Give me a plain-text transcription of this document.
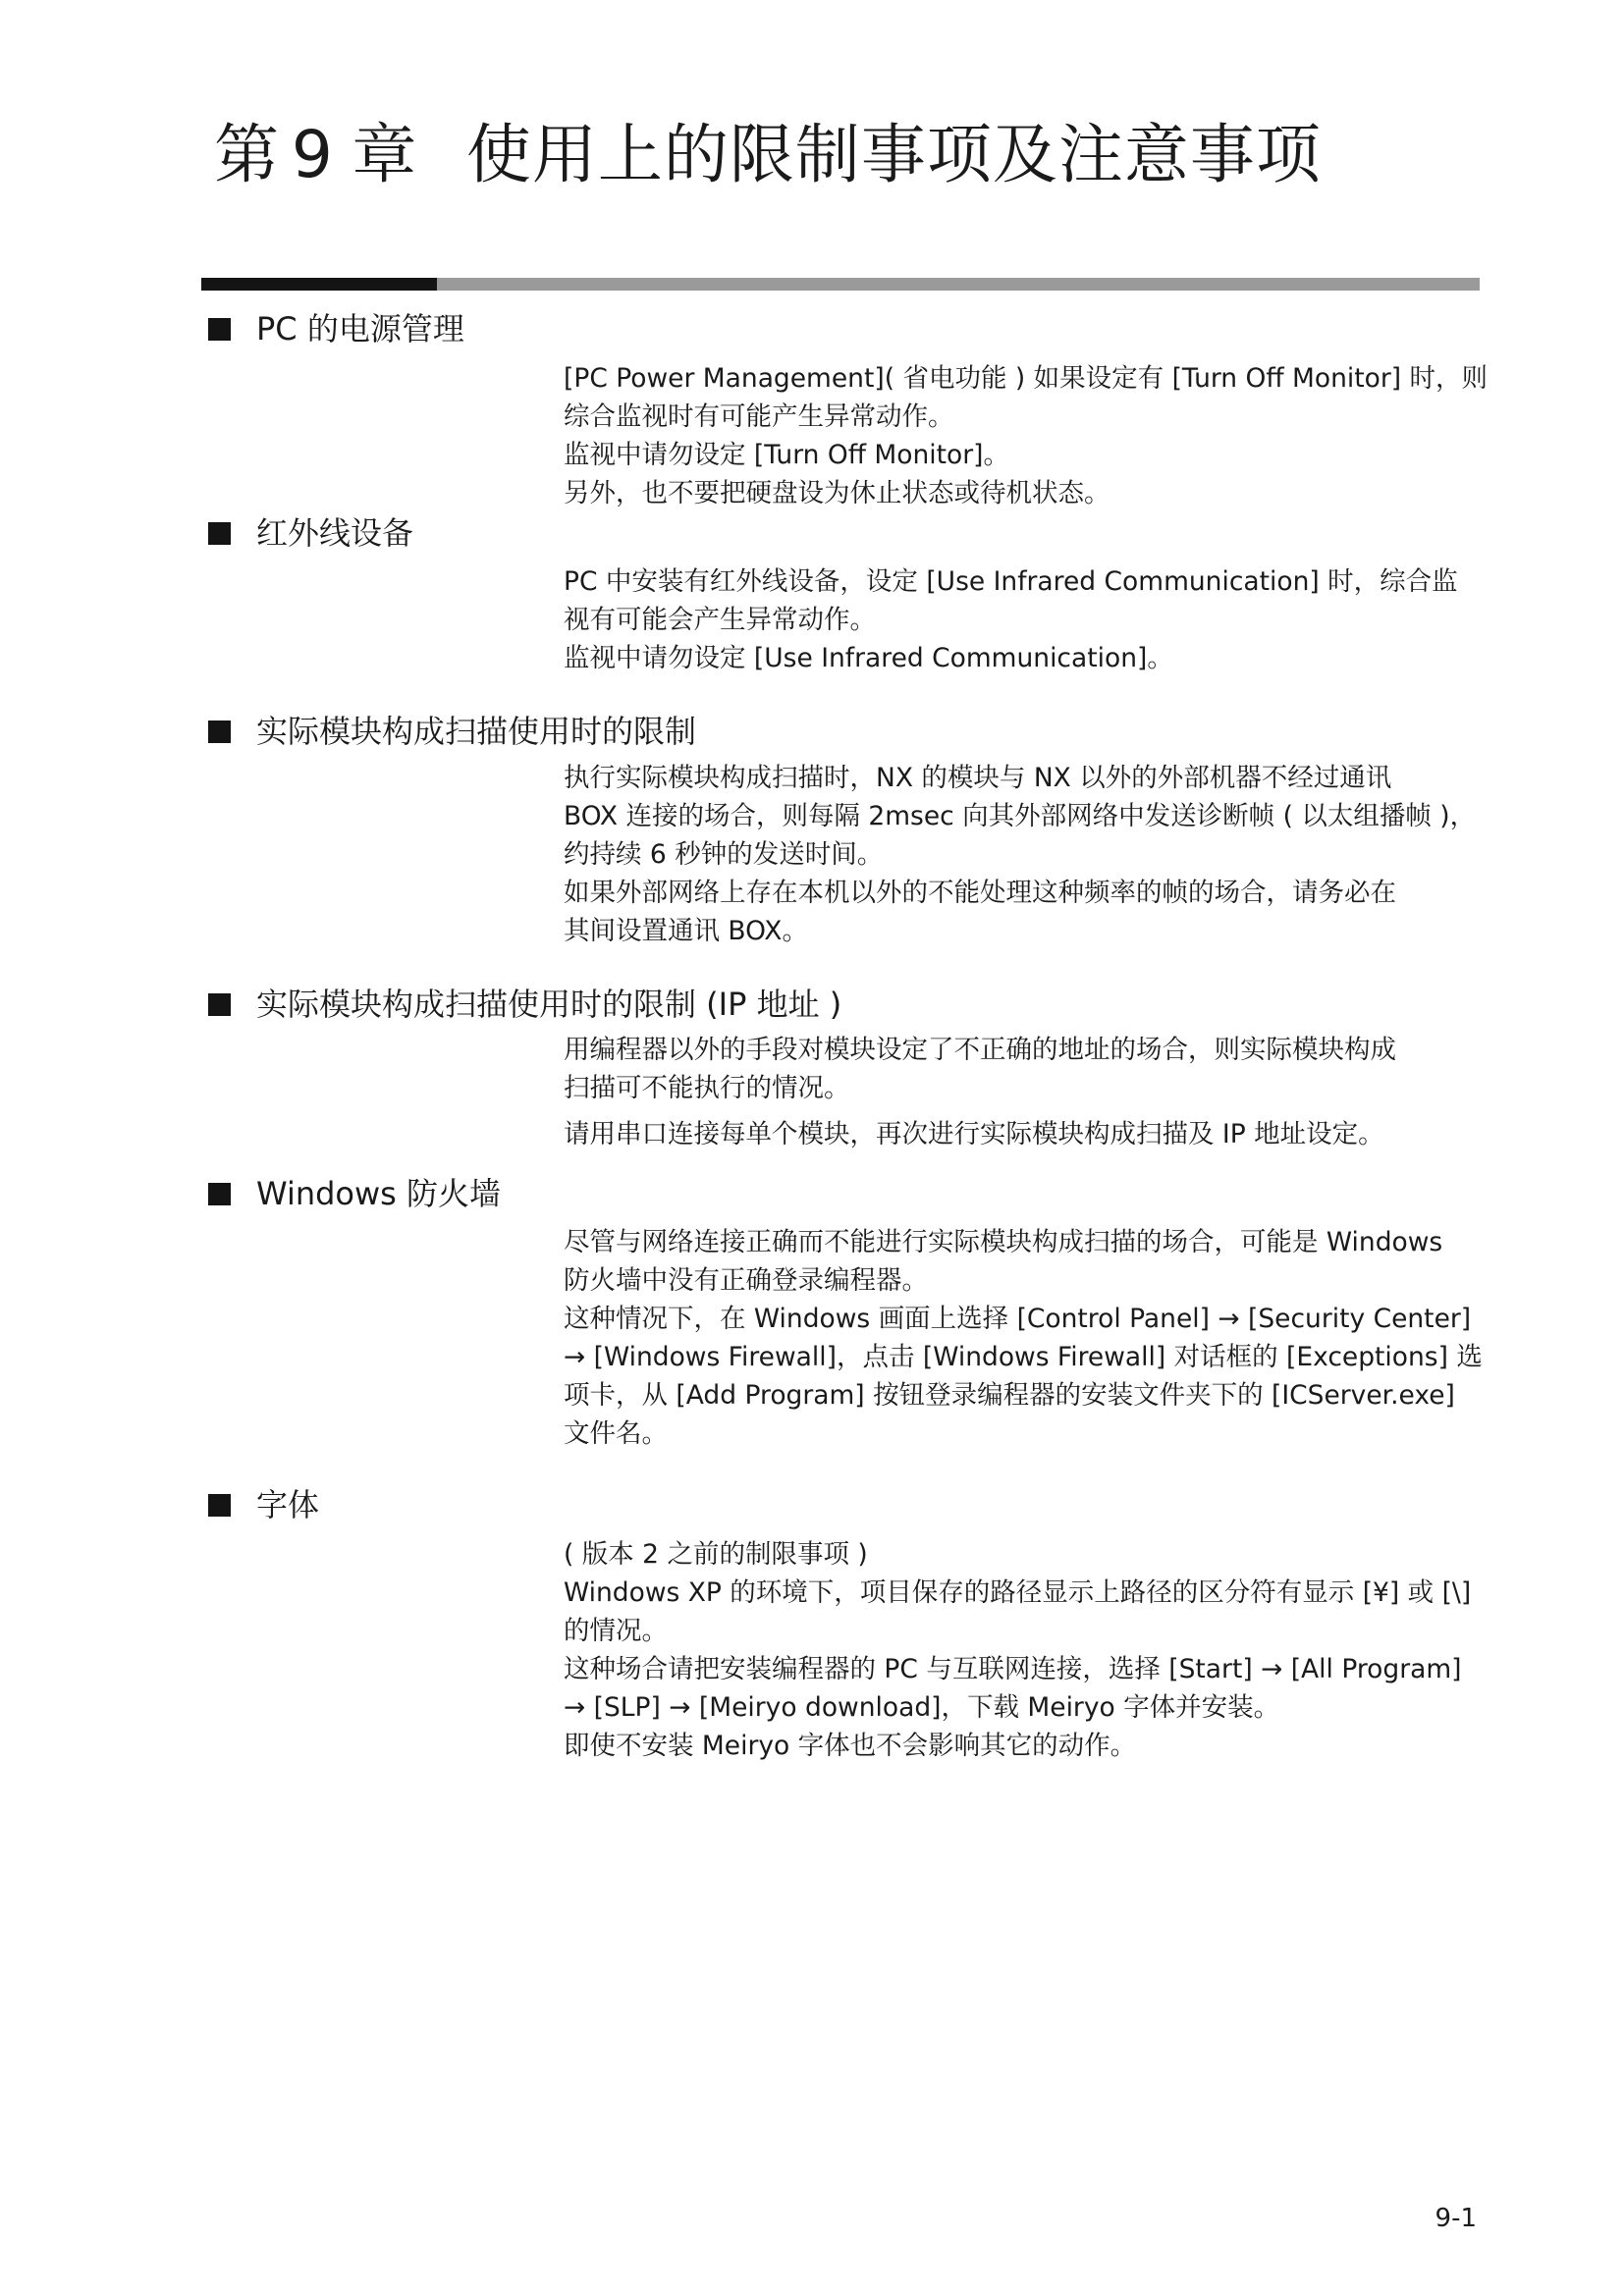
第 9 章 使用上的限制事项及注意事项
PC 的电源管理

[PC Power Management]( 省电功能 ) 如果设定有 [Turn Off Monitor] 时，则

综合监视时有可能产生异常动作。

监视中请勿设定 [Turn Off Monitor]。

另外，也不要把硬盘设为休止状态或待机状态。

红外线设备

PC 中安装有红外线设备，设定 [Use Infrared Communication] 时，综合监

视有可能会产生异常动作。

监视中请勿设定 [Use Infrared Communication]。

实际模块构成扫描使用时的限制

执行实际模块构成扫描时，NX 的模块与 NX 以外的外部机器不经过通讯

BOX 连接的场合，则每隔 2msec 向其外部网络中发送诊断帧 ( 以太组播帧 )，

约持续 6 秒钟的发送时间。

如果外部网络上存在本机以外的不能处理这种频率的帧的场合，请务必在

其间设置通讯 BOX。

实际模块构成扫描使用时的限制 (IP 地址 )

用编程器以外的手段对模块设定了不正确的地址的场合，则实际模块构成

扫描可不能执行的情况。

请用串口连接每单个模块，再次进行实际模块构成扫描及 IP 地址设定。

Windows 防火墙

尽管与网络连接正确而不能进行实际模块构成扫描的场合，可能是 Windows

防火墙中没有正确登录编程器。

这种情况下，在 Windows 画面上选择 [Control Panel] → [Security Center]

→ [Windows Firewall]，点击 [Windows Firewall] 对话框的 [Exceptions] 选

项卡，从 [Add Program] 按钮登录编程器的安装文件夹下的 [ICServer.exe]

文件名。

字体

( 版本 2 之前的制限事项 )

Windows XP 的环境下，项目保存的路径显示上路径的区分符有显示 [¥] 或 [\]

的情况。

这种场合请把安装编程器的 PC 与互联网连接，选择 [Start] → [All Program]

→ [SLP] → [Meiryo download]，下载 Meiryo 字体并安装。

即使不安装 Meiryo 字体也不会影响其它的动作。

9-1
